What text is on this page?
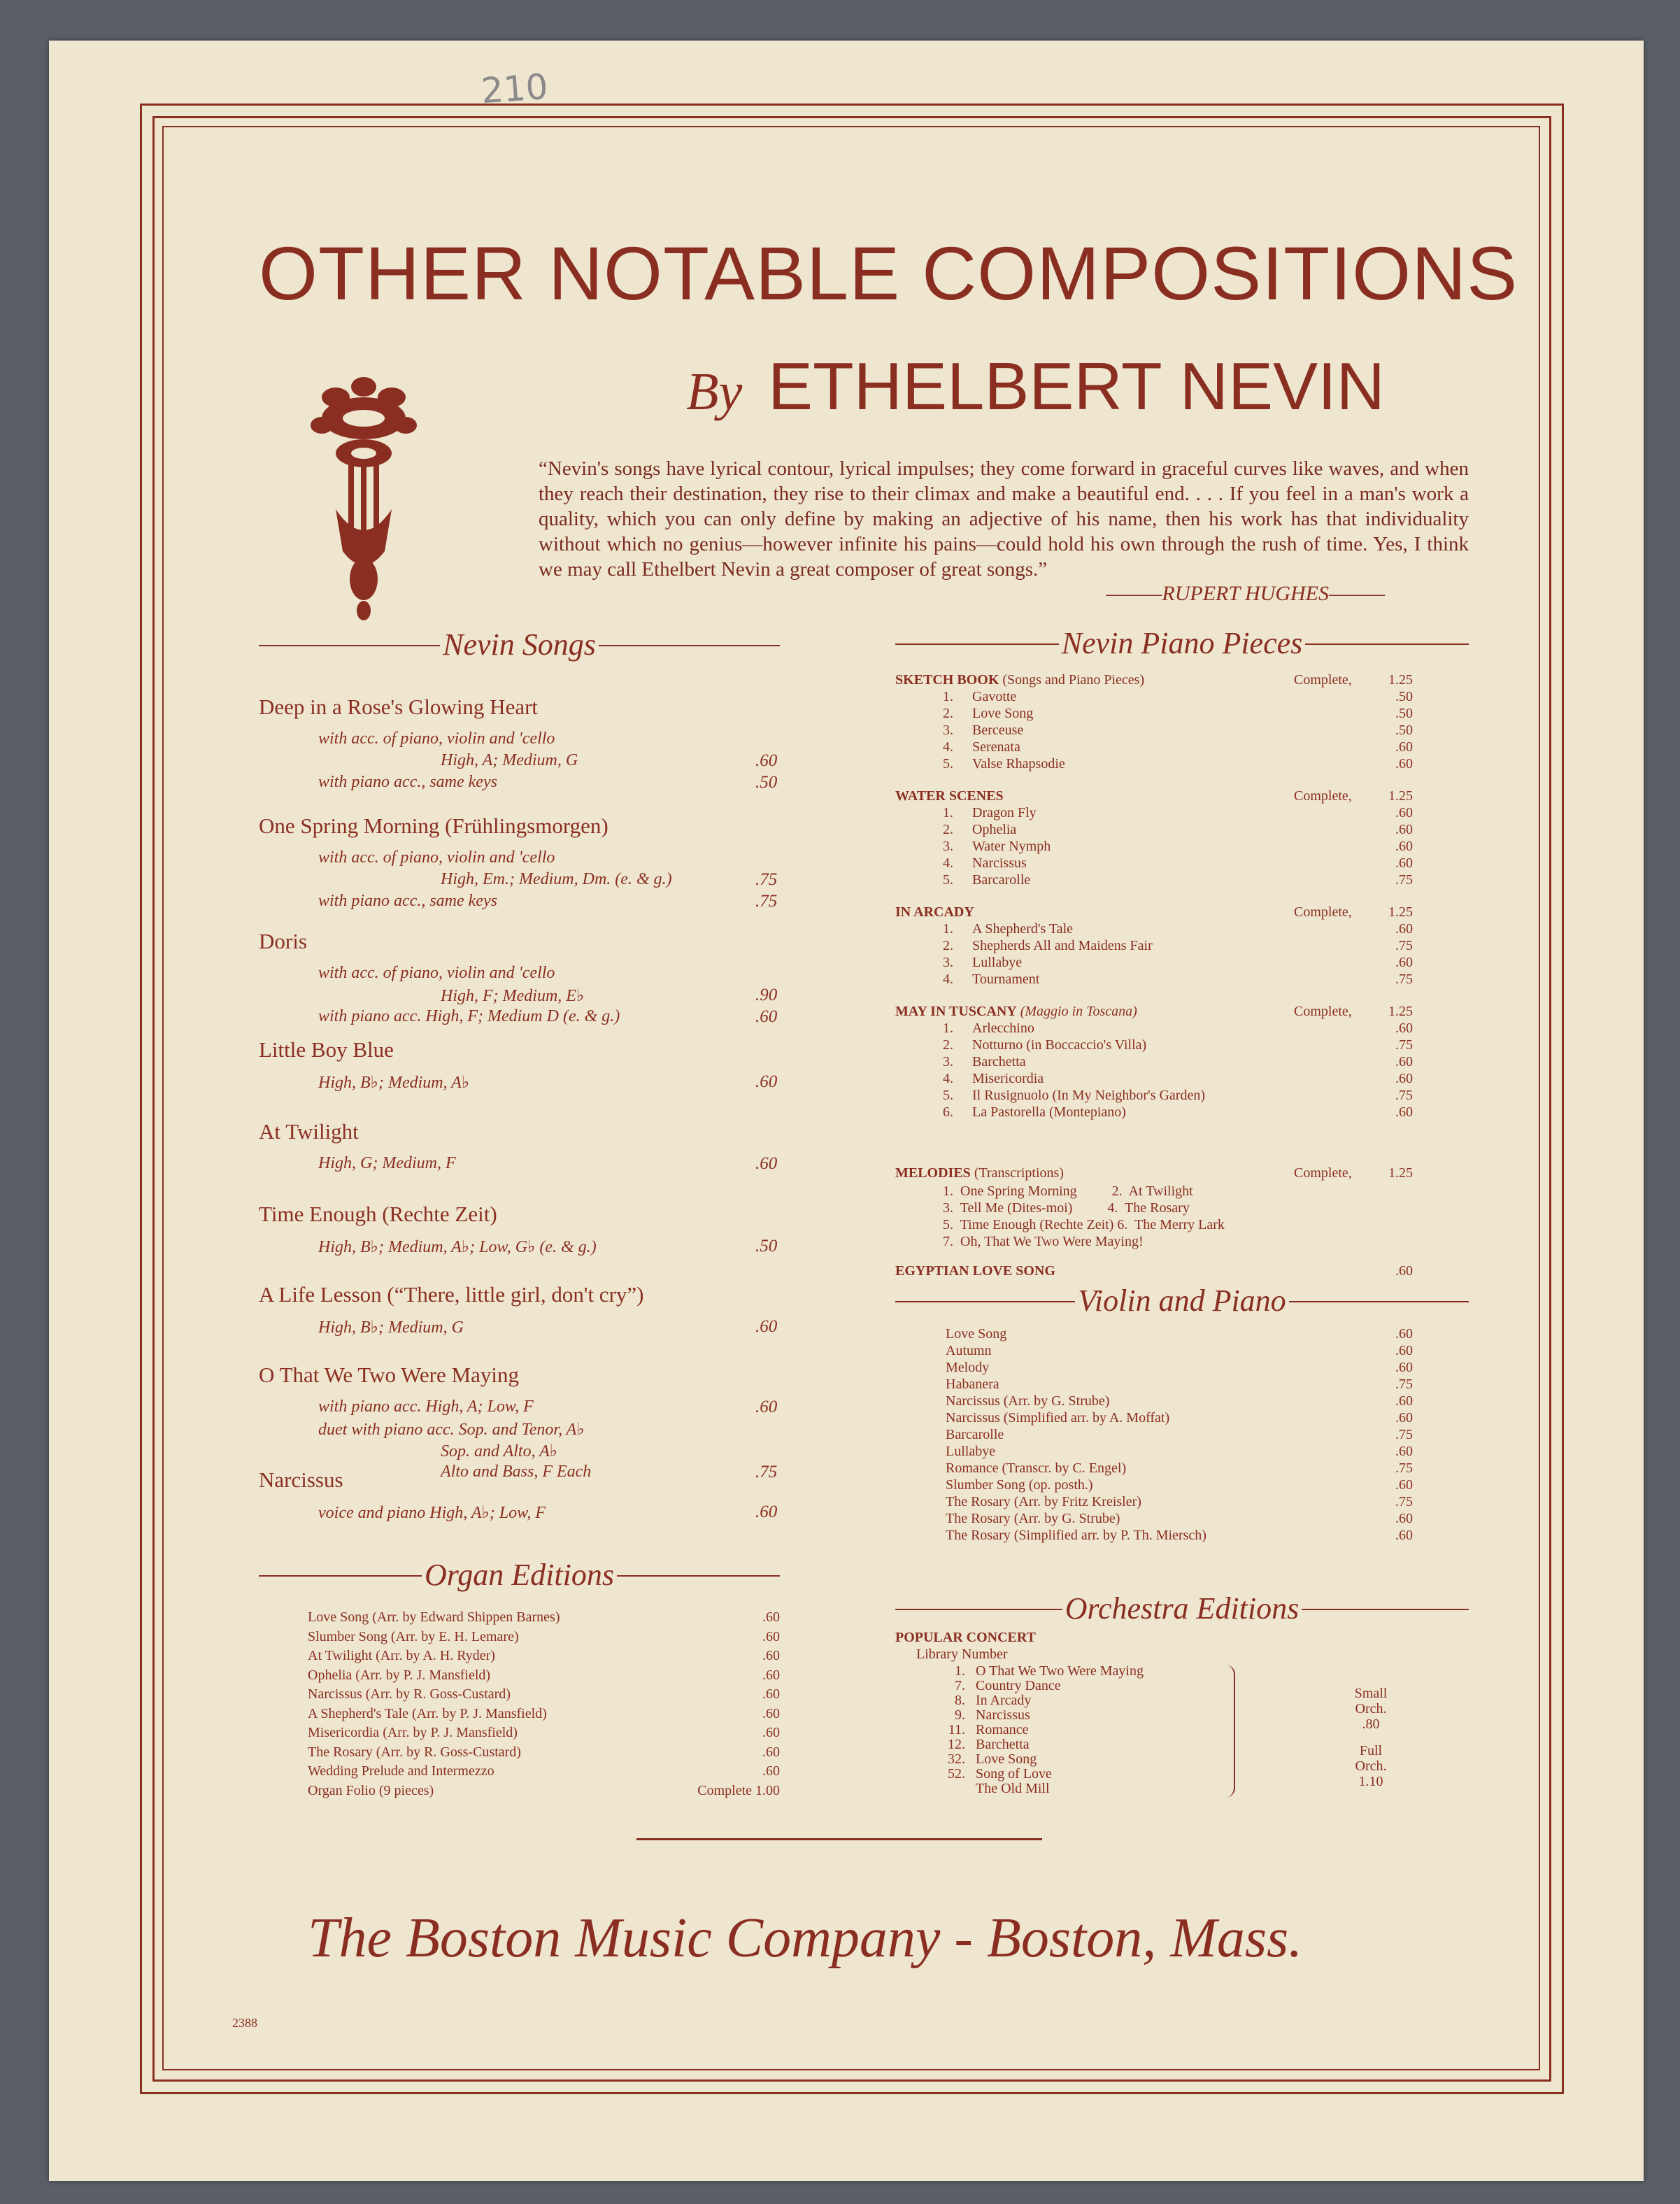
210
OTHER NOTABLE COMPOSITIONS
By ETHELBERT NEVIN
“Nevin's songs have lyrical contour, lyrical impulses; they come forward in graceful curves like waves, and when they reach their destination, they rise to their climax and make a beautiful end. . . . If you feel in a man's work a quality, which you can only define by making an adjective of his name, then his work has that individuality without which no genius—however infinite his pains—could hold his own through the rush of time. Yes, I think we may call Ethelbert Nevin a great composer of great songs.”
———RUPERT HUGHES———
Nevin Songs
Organ Editions
Nevin Piano Pieces
Violin and Piano
Orchestra Editions
The Boston Music Company - Boston, Mass.
2388
Deep in a Rose's Glowing Heart
with acc. of piano, violin and 'cello
High, A; Medium, G	.60
with piano acc., same keys	.50
One Spring Morning (Frühlingsmorgen)
with acc. of piano, violin and 'cello
High, Em.; Medium, Dm. (e. & g.)	.75
with piano acc., same keys	.75
Doris
with acc. of piano, violin and 'cello
High, F; Medium, E♭	.90
with piano acc. High, F; Medium D (e. & g.)	.60
Little Boy Blue
High, B♭; Medium, A♭	.60
At Twilight
High, G; Medium, F	.60
Time Enough (Rechte Zeit)
High, B♭; Medium, A♭; Low, G♭ (e. & g.)	.50
A Life Lesson (“There, little girl, don't cry”)
High, B♭; Medium, G	.60
O That We Two Were Maying
with piano acc. High, A; Low, F	.60
duet with piano acc. Sop. and Tenor, A♭
Sop. and Alto, A♭
Alto and Bass, F Each	.75
Narcissus
voice and piano High, A♭; Low, F	.60
Love Song (Arr. by Edward Shippen Barnes)	.60
Slumber Song (Arr. by E. H. Lemare)	.60
At Twilight (Arr. by A. H. Ryder)	.60
Ophelia (Arr. by P. J. Mansfield)	.60
Narcissus (Arr. by R. Goss-Custard)	.60
A Shepherd's Tale (Arr. by P. J. Mansfield)	.60
Misericordia (Arr. by P. J. Mansfield)	.60
The Rosary (Arr. by R. Goss-Custard)	.60
Wedding Prelude and Intermezzo	.60
Organ Folio (9 pieces)	Complete 1.00
SKETCH BOOK (Songs and Piano Pieces)	Complete,	1.25
1. Gavotte	.50
2. Love Song	.50
3. Berceuse	.50
4. Serenata	.60
5. Valse Rhapsodie	.60
WATER SCENES	Complete,	1.25
1. Dragon Fly	.60
2. Ophelia	.60
3. Water Nymph	.60
4. Narcissus	.60
5. Barcarolle	.75
IN ARCADY	Complete,	1.25
1. A Shepherd's Tale	.60
2. Shepherds All and Maidens Fair	.75
3. Lullabye	.60
4. Tournament	.75
MAY IN TUSCANY (Maggio in Toscana)	Complete,	1.25
1. Arlecchino	.60
2. Notturno (in Boccaccio's Villa)	.75
3. Barchetta	.60
4. Misericordia	.60
5. Il Rusignuolo (In My Neighbor's Garden)	.75
6. La Pastorella (Montepiano)	.60
MELODIES (Transcriptions)	Complete,	1.25
1.  One Spring Morning          2.  At Twilight
3.  Tell Me (Dites-moi)          4.  The Rosary
5.  Time Enough (Rechte Zeit) 6.  The Merry Lark
7.  Oh, That We Two Were Maying!
EGYPTIAN LOVE SONG	.60
Love Song	.60
Autumn	.60
Melody	.60
Habanera	.75
Narcissus (Arr. by G. Strube)	.60
Narcissus (Simplified arr. by A. Moffat)	.60
Barcarolle	.75
Lullabye	.60
Romance (Transcr. by C. Engel)	.75
Slumber Song (op. posth.)	.60
The Rosary (Arr. by Fritz Kreisler)	.75
The Rosary (Arr. by G. Strube)	.60
The Rosary (Simplified arr. by P. Th. Miersch)	.60
POPULAR CONCERT
Library Number
1. O That We Two Were Maying
7. Country Dance
8. In Arcady
9. Narcissus
11. Romance
12. Barchetta
32. Love Song
52. Song of Love
The Old Mill
Small
Orch.
.80
Full
Orch.
1.10
